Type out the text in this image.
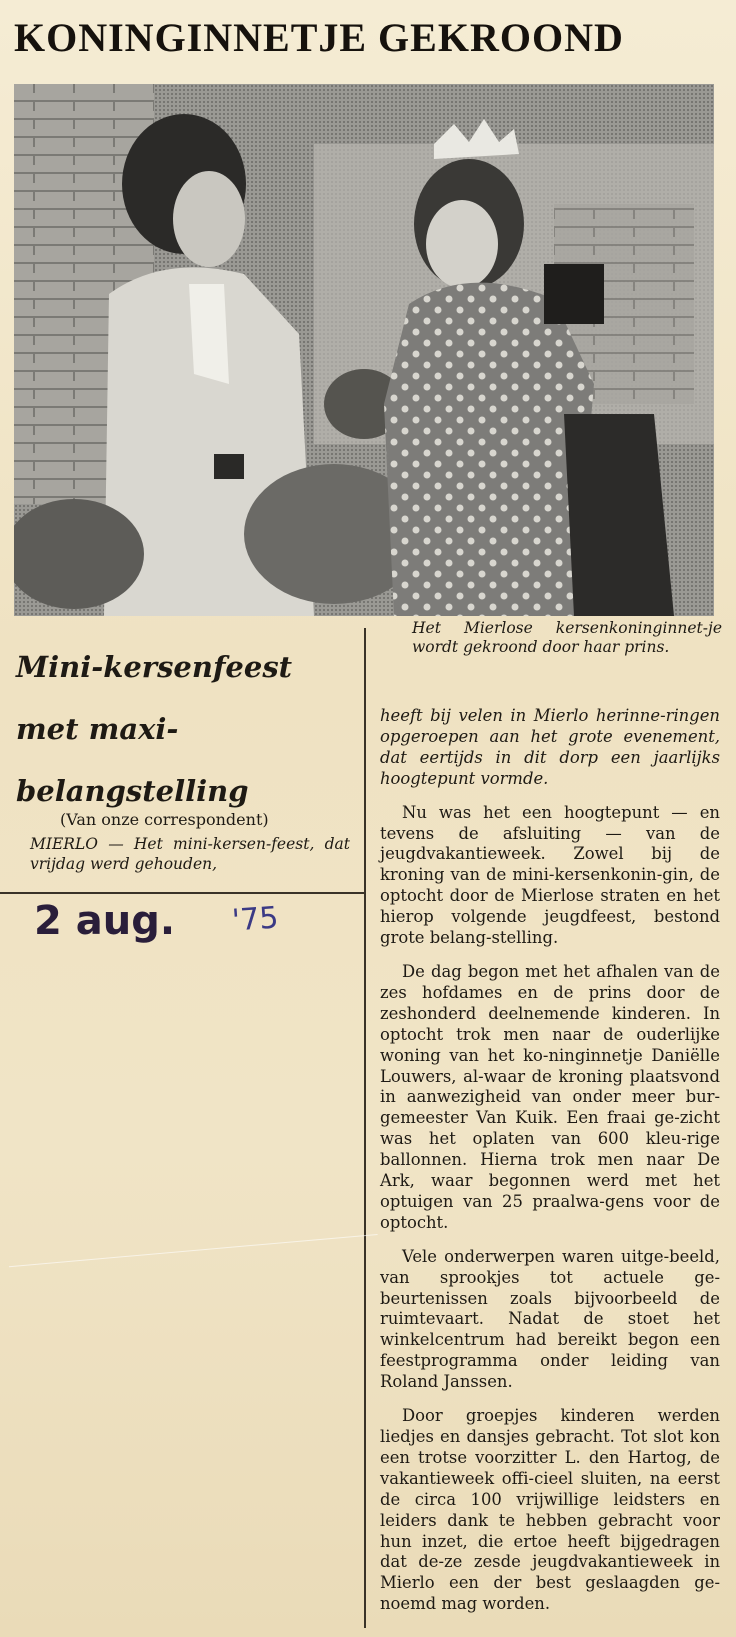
KONINGINNETJE GEKROOND
Het Mierlose kersenkoninginnet-je wordt gekroond door haar prins.
Mini-kersenfeest
met maxi-
belangstelling
(Van onze correspondent)
MIERLO — Het mini-kersen-feest, dat vrijdag werd gehouden,
2 aug. '75

heeft bij velen in Mierlo herinne-ringen opgeroepen aan het grote evenement, dat eertijds in dit dorp een jaarlijks hoogtepunt vormde.

Nu was het een hoogtepunt — en tevens de afsluiting — van de jeugdvakantieweek. Zowel bij de kroning van de mini-kersenkonin-gin, de optocht door de Mierlose straten en het hierop volgende jeugdfeest, bestond grote belang-stelling.

De dag begon met het afhalen van de zes hofdames en de prins door de zeshonderd deelnemende kinderen. In optocht trok men naar de ouderlijke woning van het ko-ninginnetje Daniëlle Louwers, al-waar de kroning plaatsvond in aanwezigheid van onder meer bur-gemeester Van Kuik. Een fraai ge-zicht was het oplaten van 600 kleu-rige ballonnen. Hierna trok men naar De Ark, waar begonnen werd met het optuigen van 25 praalwa-gens voor de optocht.

Vele onderwerpen waren uitge-beeld, van sprookjes tot actuele ge-beurtenissen zoals bijvoorbeeld de ruimtevaart. Nadat de stoet het winkelcentrum had bereikt begon een feestprogramma onder leiding van Roland Janssen.

Door groepjes kinderen werden liedjes en dansjes gebracht. Tot slot kon een trotse voorzitter L. den Hartog, de vakantieweek offi-cieel sluiten, na eerst de circa 100 vrijwillige leidsters en leiders dank te hebben gebracht voor hun inzet, die ertoe heeft bijgedragen dat de-ze zesde jeugdvakantieweek in Mierlo een der best geslaagden ge-noemd mag worden.
